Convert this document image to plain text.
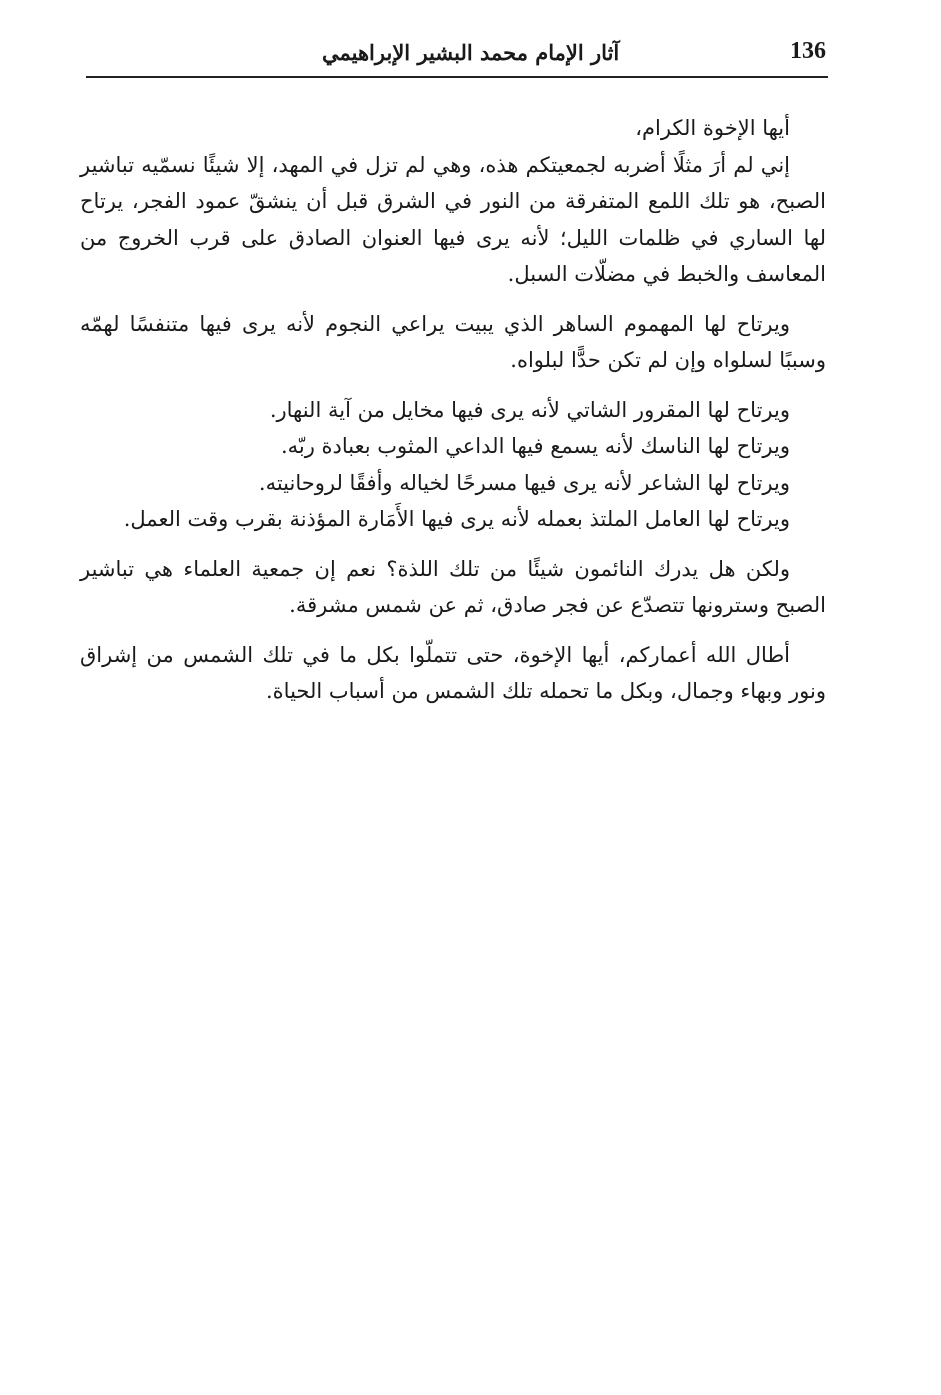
136
آثار الإمام محمد البشير الإبراهيمي

أيها الإخوة الكرام،

إني لم أرَ مثلًا أضربه لجمعيتكم هذه، وهي لم تزل في المهد، إلا شيئًا نسمّيه تباشير الصبح، هو تلك اللمع المتفرقة من النور في الشرق قبل أن ينشقّ عمود الفجر، يرتاح لها الساري في ظلمات الليل؛ لأنه يرى فيها العنوان الصادق على قرب الخروج من المعاسف والخبط في مضلّات السبل.

ويرتاح لها المهموم الساهر الذي يبيت يراعي النجوم لأنه يرى فيها متنفسًا لهمّه وسببًا لسلواه وإن لم تكن حدًّا لبلواه.

ويرتاح لها المقرور الشاتي لأنه يرى فيها مخايل من آية النهار.
ويرتاح لها الناسك لأنه يسمع فيها الداعي المثوب بعبادة ربّه.
ويرتاح لها الشاعر لأنه يرى فيها مسرحًا لخياله وأفقًا لروحانيته.
ويرتاح لها العامل الملتذ بعمله لأنه يرى فيها الأَمَارة المؤذنة بقرب وقت العمل.

ولكن هل يدرك النائمون شيئًا من تلك اللذة؟ نعم إن جمعية العلماء هي تباشير الصبح وسترونها تتصدّع عن فجر صادق، ثم عن شمس مشرقة.

أطال الله أعماركم، أيها الإخوة، حتى تتملّوا بكل ما في تلك الشمس من إشراق ونور وبهاء وجمال، وبكل ما تحمله تلك الشمس من أسباب الحياة.
